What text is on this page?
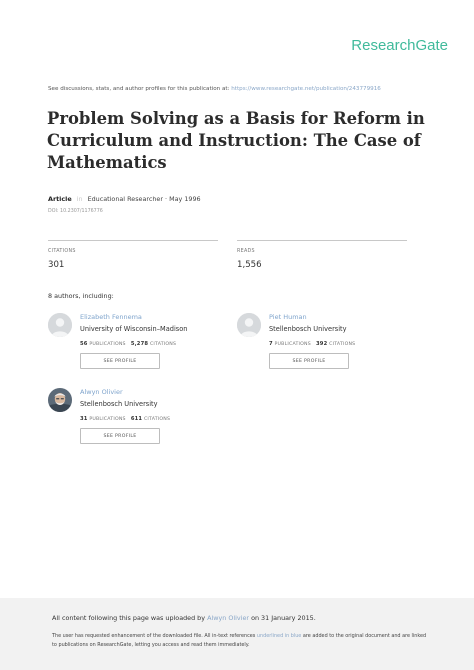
ResearchGate
See discussions, stats, and author profiles for this publication at: https://www.researchgate.net/publication/243779916
Problem Solving as a Basis for Reform in Curriculum and Instruction: The Case of Mathematics
Article in Educational Researcher · May 1996
DOI: 10.2307/1176776
CITATIONS
301
READS
1,556
8 authors, including:
Elizabeth Fennema
University of Wisconsin–Madison
56 PUBLICATIONS 5,278 CITATIONS
SEE PROFILE
Piet Human
Stellenbosch University
7 PUBLICATIONS 392 CITATIONS
SEE PROFILE
Alwyn Olivier
Stellenbosch University
31 PUBLICATIONS 611 CITATIONS
SEE PROFILE
All content following this page was uploaded by Alwyn Olivier on 31 January 2015.
The user has requested enhancement of the downloaded file. All in-text references underlined in blue are added to the original document and are linked to publications on ResearchGate, letting you access and read them immediately.
